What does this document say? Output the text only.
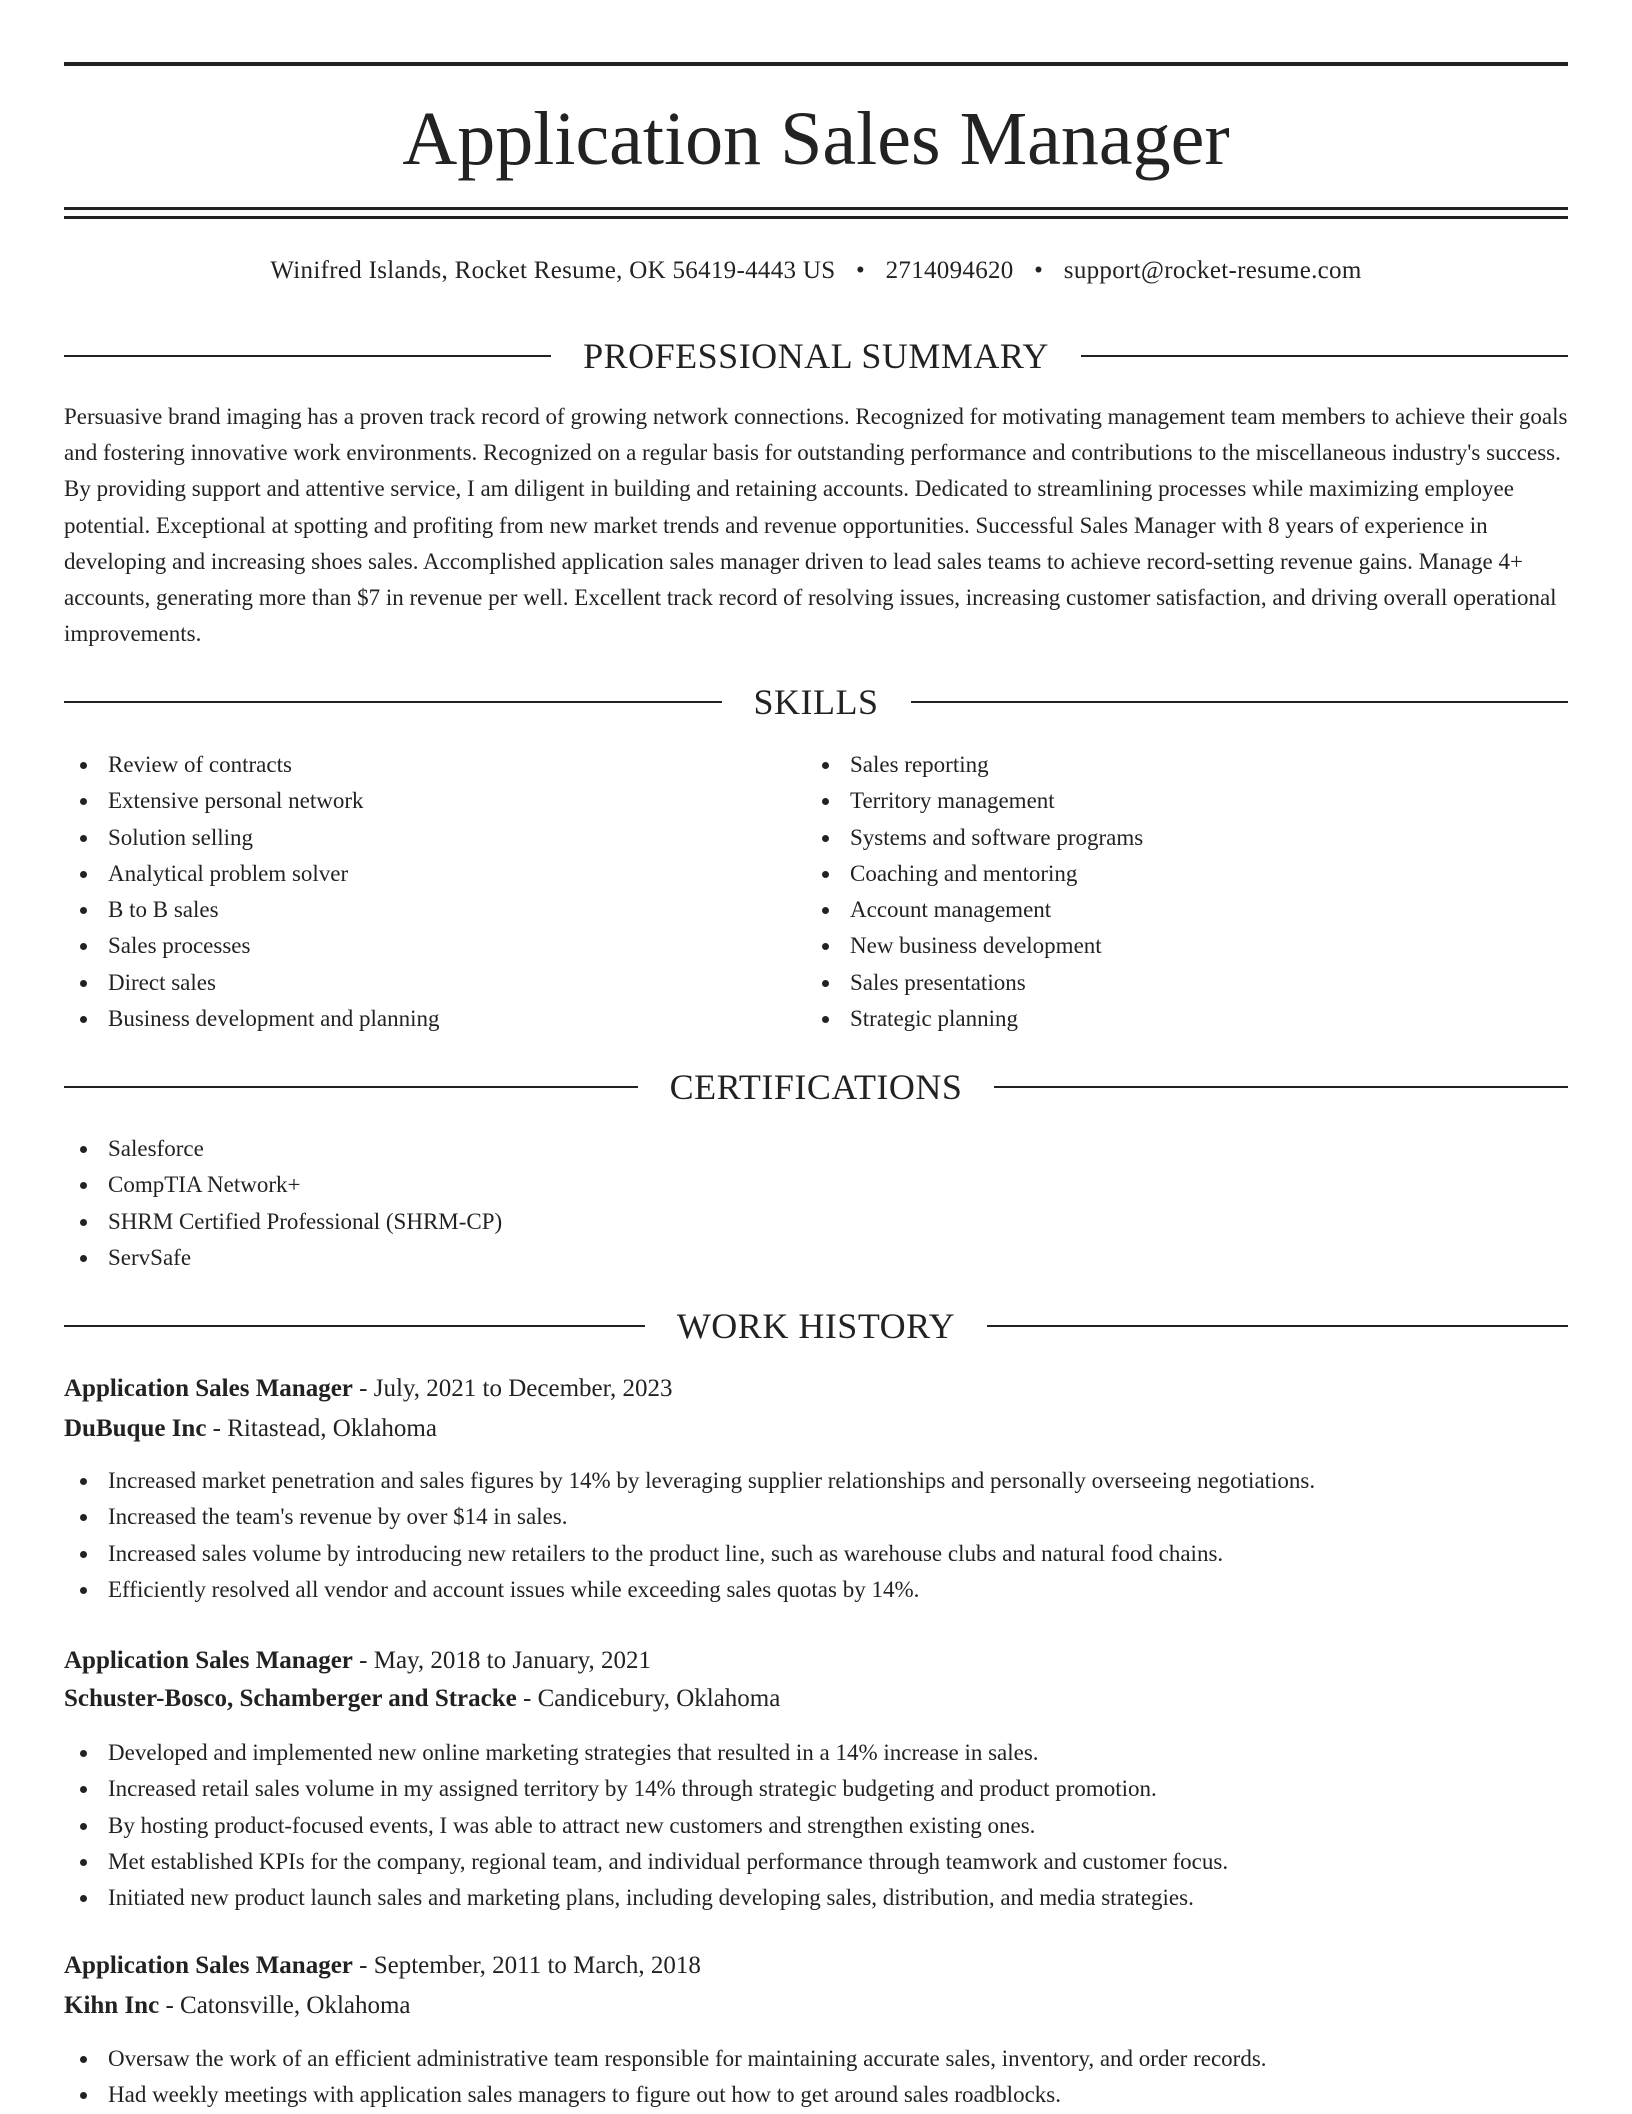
Application Sales Manager
Winifred Islands, Rocket Resume, OK 56419-4443 US • 2714094620 • support@rocket-resume.com
PROFESSIONAL SUMMARY

Persuasive brand imaging has a proven track record of growing network connections. Recognized for motivating management team members to achieve their goals and fostering innovative work environments. Recognized on a regular basis for outstanding performance and contributions to the miscellaneous industry's success. By providing support and attentive service, I am diligent in building and retaining accounts. Dedicated to streamlining processes while maximizing employee potential. Exceptional at spotting and profiting from new market trends and revenue opportunities. Successful Sales Manager with 8 years of experience in developing and increasing shoes sales. Accomplished application sales manager driven to lead sales teams to achieve record-setting revenue gains. Manage 4+ accounts, generating more than $7 in revenue per well. Excellent track record of resolving issues, increasing customer satisfaction, and driving overall operational improvements.

SKILLS
Review of contracts
Extensive personal network
Solution selling
Analytical problem solver
B to B sales
Sales processes
Direct sales
Business development and planning
Sales reporting
Territory management
Systems and software programs
Coaching and mentoring
Account management
New business development
Sales presentations
Strategic planning
CERTIFICATIONS
Salesforce
CompTIA Network+
SHRM Certified Professional (SHRM-CP)
ServSafe
WORK HISTORY
Application Sales Manager - July, 2021 to December, 2023
DuBuque Inc - Ritastead, Oklahoma
Increased market penetration and sales figures by 14% by leveraging supplier relationships and personally overseeing negotiations.
Increased the team's revenue by over $14 in sales.
Increased sales volume by introducing new retailers to the product line, such as warehouse clubs and natural food chains.
Efficiently resolved all vendor and account issues while exceeding sales quotas by 14%.
Application Sales Manager - May, 2018 to January, 2021
Schuster-Bosco, Schamberger and Stracke - Candicebury, Oklahoma
Developed and implemented new online marketing strategies that resulted in a 14% increase in sales.
Increased retail sales volume in my assigned territory by 14% through strategic budgeting and product promotion.
By hosting product-focused events, I was able to attract new customers and strengthen existing ones.
Met established KPIs for the company, regional team, and individual performance through teamwork and customer focus.
Initiated new product launch sales and marketing plans, including developing sales, distribution, and media strategies.
Application Sales Manager - September, 2011 to March, 2018
Kihn Inc - Catonsville, Oklahoma
Oversaw the work of an efficient administrative team responsible for maintaining accurate sales, inventory, and order records.
Had weekly meetings with application sales managers to figure out how to get around sales roadblocks.
